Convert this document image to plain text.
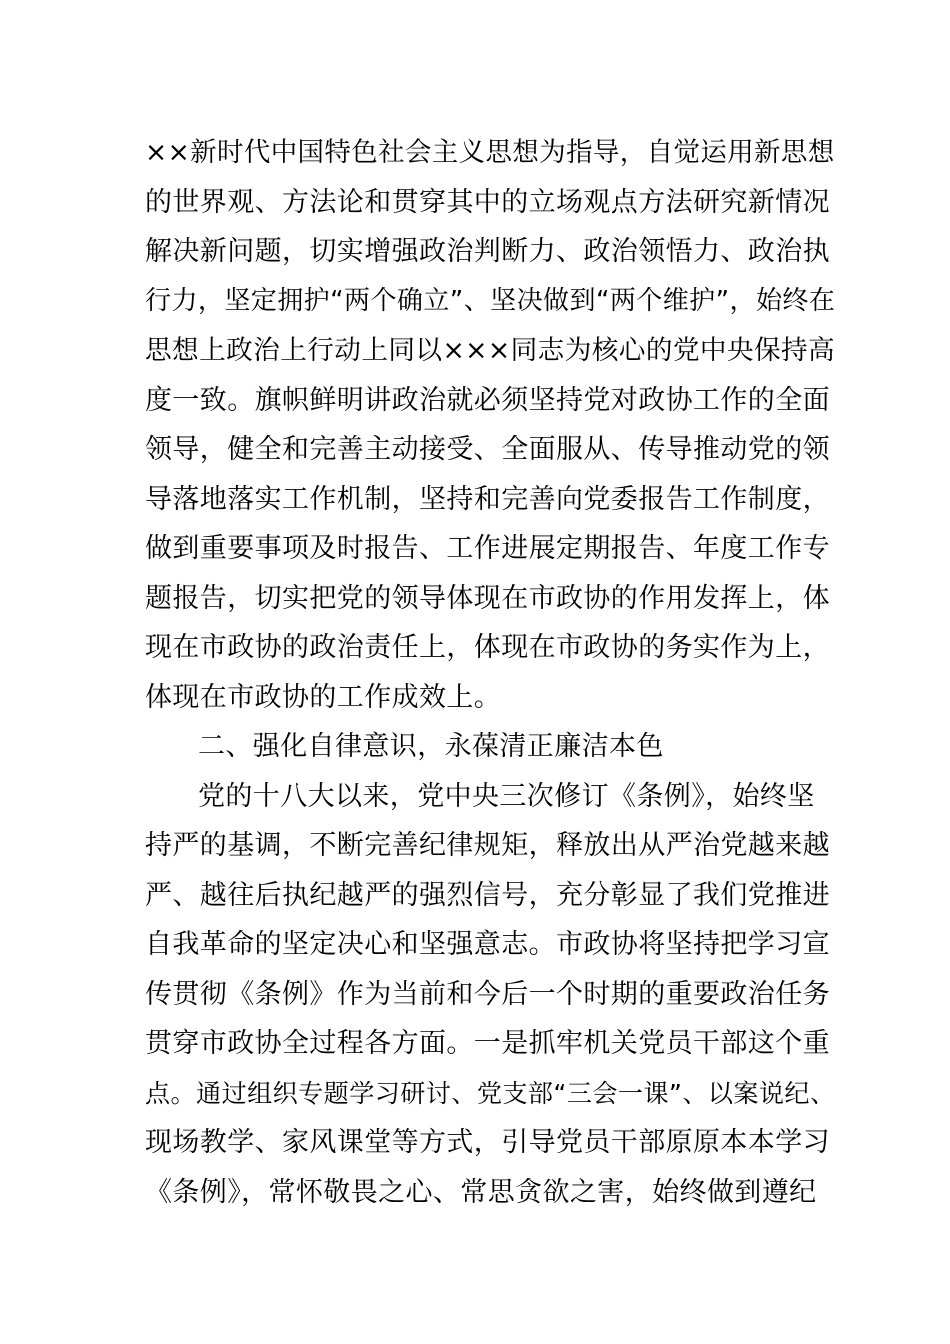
××新时代中国特色社会主义思想为指导，自觉运用新思想
的世界观、方法论和贯穿其中的立场观点方法研究新情况
解决新问题，切实增强政治判断力、政治领悟力、政治执
行力，坚定拥护“两个确立”、坚决做到“两个维护”，始终在
思想上政治上行动上同以×××同志为核心的党中央保持高
度一致。旗帜鲜明讲政治就必须坚持党对政协工作的全面
领导，健全和完善主动接受、全面服从、传导推动党的领
导落地落实工作机制，坚持和完善向党委报告工作制度，
做到重要事项及时报告、工作进展定期报告、年度工作专
题报告，切实把党的领导体现在市政协的作用发挥上，体
现在市政协的政治责任上，体现在市政协的务实作为上，
体现在市政协的工作成效上。
二、强化自律意识，永葆清正廉洁本色
党的十八大以来，党中央三次修订《条例》，始终坚
持严的基调，不断完善纪律规矩，释放出从严治党越来越
严、越往后执纪越严的强烈信号，充分彰显了我们党推进
自我革命的坚定决心和坚强意志。市政协将坚持把学习宣
传贯彻《条例》作为当前和今后一个时期的重要政治任务
贯穿市政协全过程各方面。一是抓牢机关党员干部这个重
点。通过组织专题学习研讨、党支部“三会一课”、以案说纪、
现场教学、家风课堂等方式，引导党员干部原原本本学习
《条例》，常怀敬畏之心、常思贪欲之害，始终做到遵纪
